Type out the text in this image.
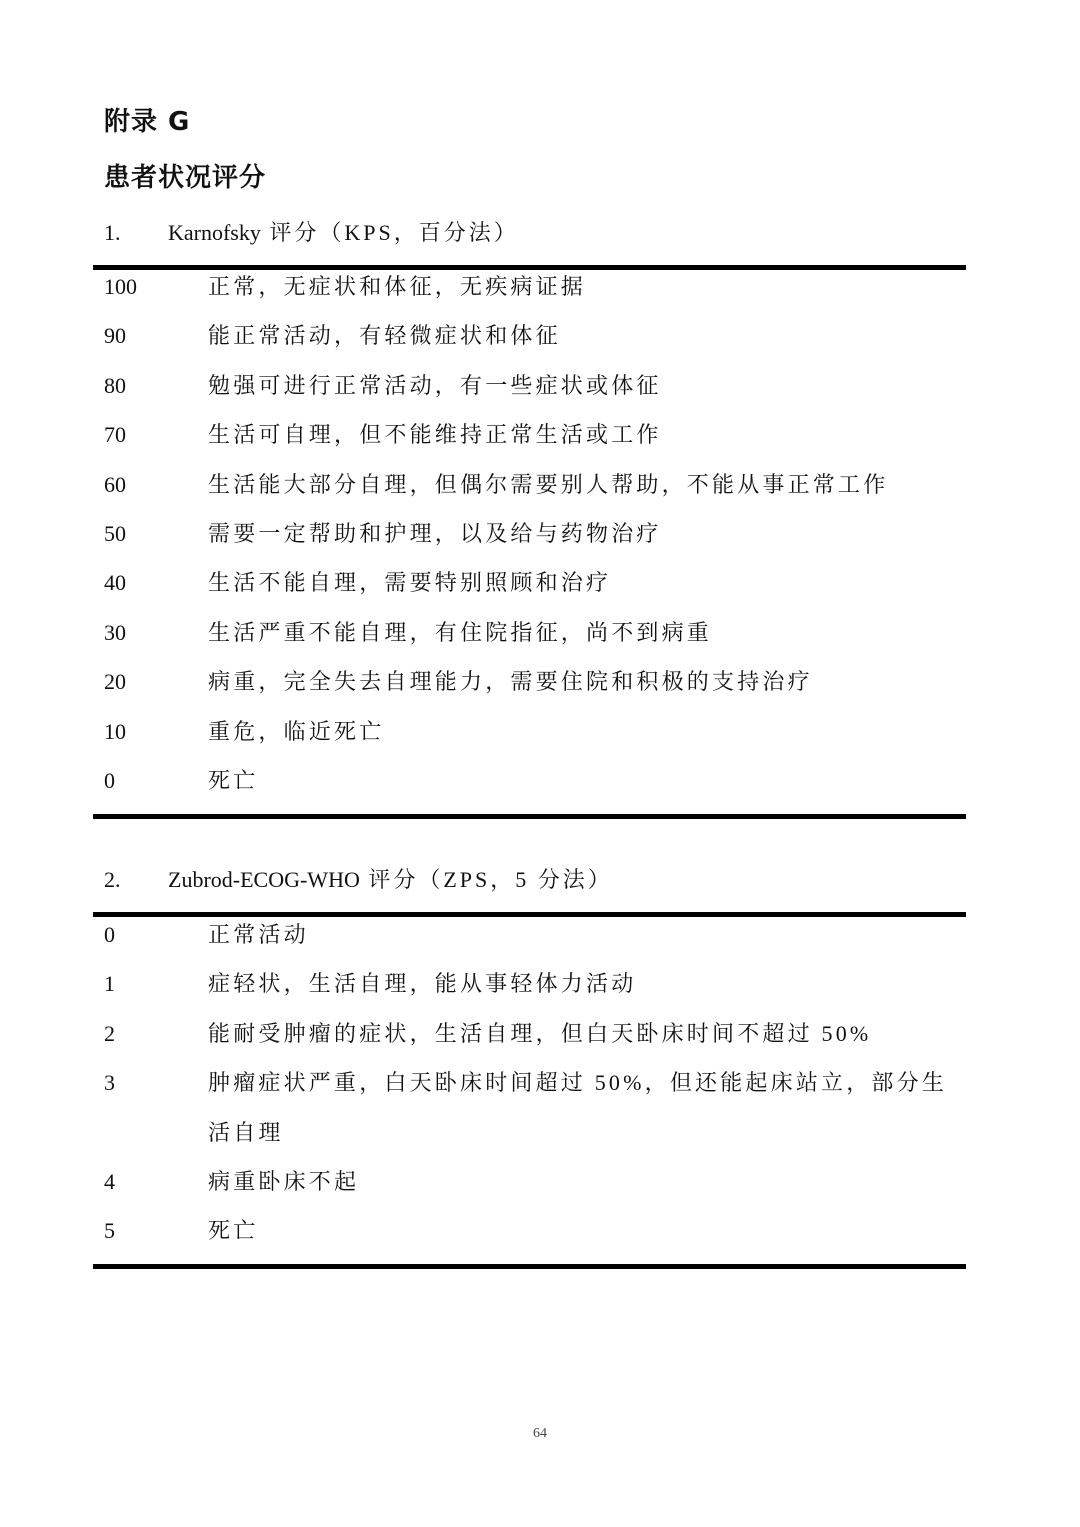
附录 G
患者状况评分
1. Karnofsky 评分（KPS，百分法）
100	正常，无症状和体征，无疾病证据
90	能正常活动，有轻微症状和体征
80	勉强可进行正常活动，有一些症状或体征
70	生活可自理，但不能维持正常生活或工作
60	生活能大部分自理，但偶尔需要别人帮助，不能从事正常工作
50	需要一定帮助和护理，以及给与药物治疗
40	生活不能自理，需要特别照顾和治疗
30	生活严重不能自理，有住院指征，尚不到病重
20	病重，完全失去自理能力，需要住院和积极的支持治疗
10	重危，临近死亡
0	死亡
2. Zubrod-ECOG-WHO 评分（ZPS，5 分法）
0	正常活动
1	症轻状，生活自理，能从事轻体力活动
2	能耐受肿瘤的症状，生活自理，但白天卧床时间不超过 50%
3	肿瘤症状严重，白天卧床时间超过 50%，但还能起床站立，部分生活自理
4	病重卧床不起
5	死亡
64
